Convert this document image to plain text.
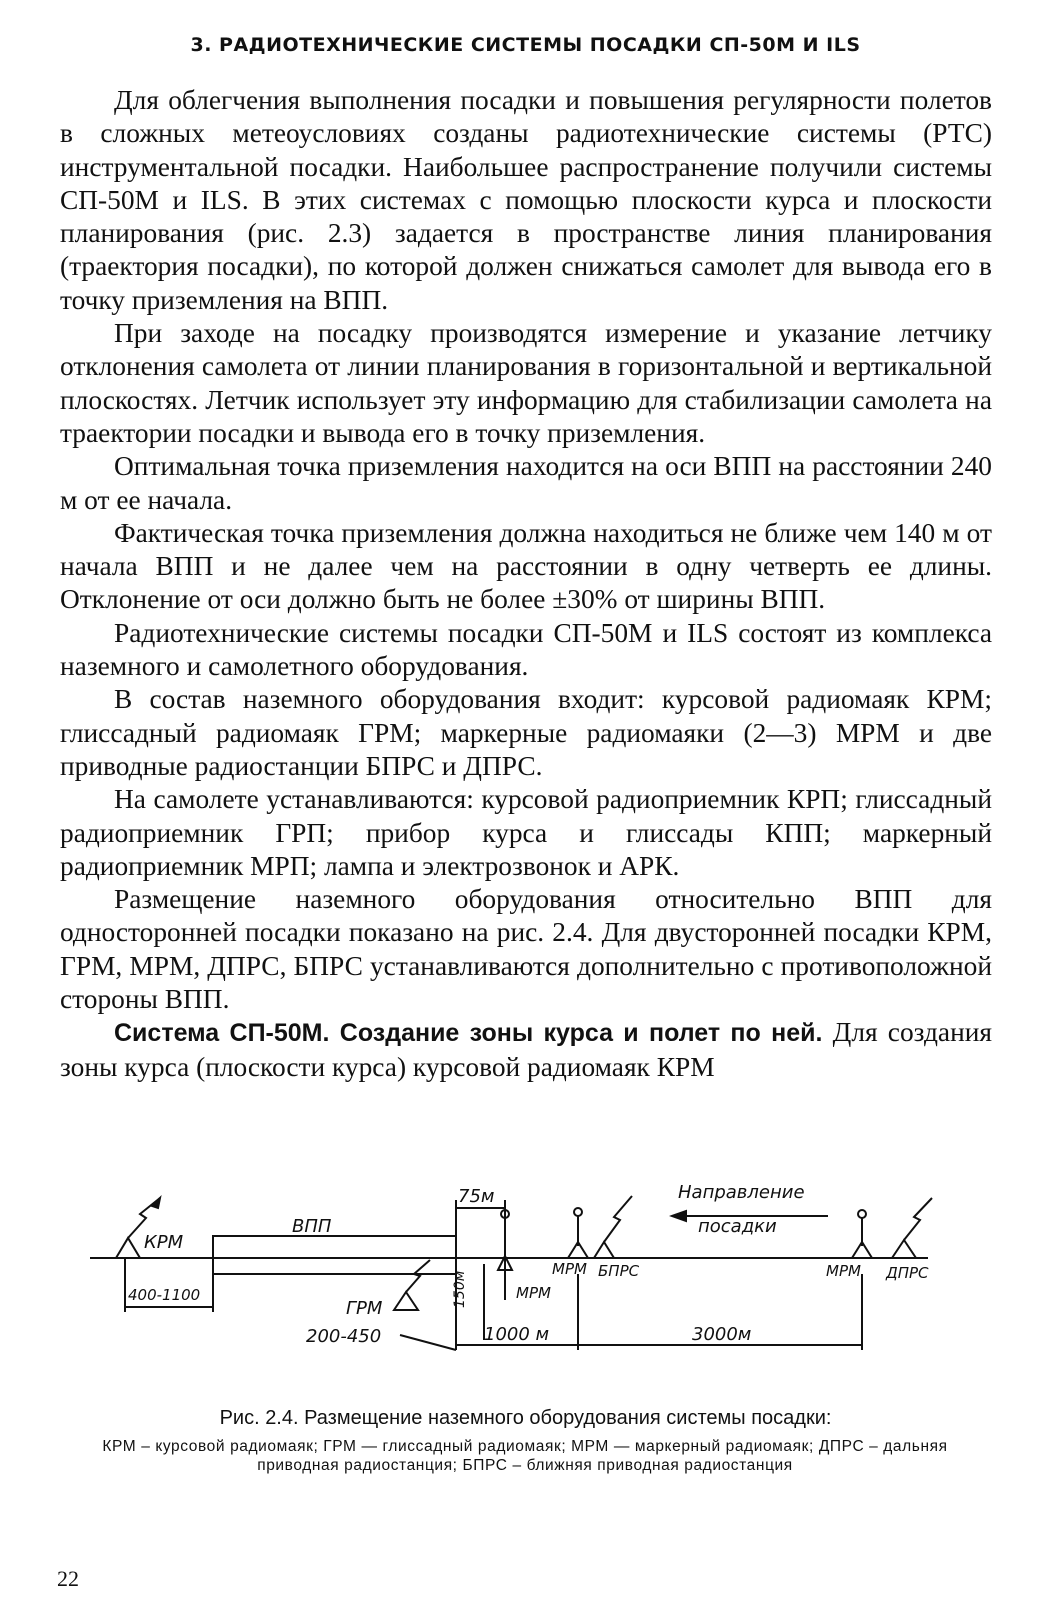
3. РАДИОТЕХНИЧЕСКИЕ СИСТЕМЫ ПОСАДКИ СП-50М И ILS

Для облегчения выполнения посадки и повышения регулярности полетов в сложных метеоусловиях созданы радиотехнические системы (РТС) инструментальной посадки. Наибольшее распространение получили системы СП-50М и ILS. В этих системах с помощью плоскости курса и плоскости планирования (рис. 2.3) задается в пространстве линия планирования (траектория посадки), по которой должен снижаться самолет для вывода его в точку приземления на ВПП.

При заходе на посадку производятся измерение и указание летчику отклонения самолета от линии планирования в горизонтальной и вертикальной плоскостях. Летчик использует эту информацию для стабилизации самолета на траектории посадки и вывода его в точку приземления.

Оптимальная точка приземления находится на оси ВПП на расстоянии 240 м от ее начала.

Фактическая точка приземления должна находиться не ближе чем 140 м от начала ВПП и не далее чем на расстоянии в одну четверть ее длины. Отклонение от оси должно быть не более ±30% от ширины ВПП.

Радиотехнические системы посадки СП-50М и ILS состоят из комплекса наземного и самолетного оборудования.

В состав наземного оборудования входит: курсовой радиомаяк КРМ; глиссадный радиомаяк ГРМ; маркерные радиомаяки (2—3) МРМ и две приводные радиостанции БПРС и ДПРС.

На самолете устанавливаются: курсовой радиоприемник КРП; глиссадный радиоприемник ГРП; прибор курса и глиссады КПП; маркерный радиоприемник МРП; лампа и электрозвонок и АРК.

Размещение наземного оборудования относительно ВПП для односторонней посадки показано на рис. 2.4. Для двусторонней посадки КРМ, ГРМ, МРМ, ДПРС, БПРС устанавливаются дополнительно с противоположной стороны ВПП.

Система СП-50М. Создание зоны курса и полет по ней. Для создания зоны курса (плоскости курса) курсовой радиомаяк КРМ

КРМ
ВПП
75м	Направление
посадки
МРМ БПРС	МРМ ДПРС
400-1100	150м	МРМ
ГРМ
200-450	1000 м	3000м
Рис. 2.4. Размещение наземного оборудования системы посадки:
КРМ – курсовой радиомаяк; ГРМ — глиссадный радиомаяк; МРМ — маркерный радиомаяк; ДПРС – дальняя приводная радиостанция; БПРС – ближняя приводная радиостанция
22
